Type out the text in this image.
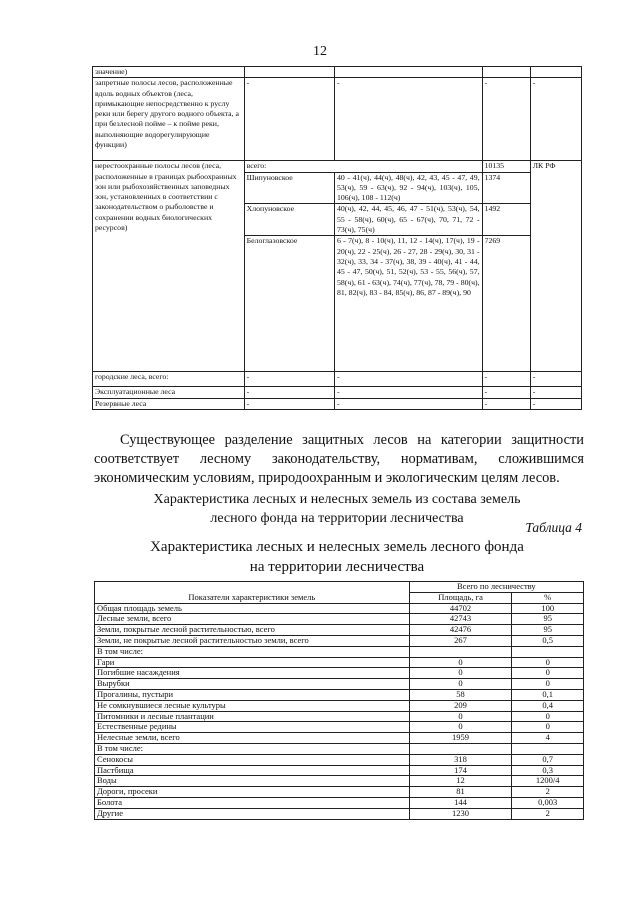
12
значение)				
запретные полосы лесов, расположенные вдоль водных объектов (леса, примыкающие непосредственно к руслу реки или берегу другого водного объекта, а при безлесной пойме – к пойме реки, выполняющие водорегулирующие функции)	-	-	-	-
нерестоохранные полосы лесов (леса, расположенные в границах рыбоохранных зон или рыбохозяйственных заповедных зон, установленных в соответствии с законодательством о рыболовстве и сохранении водных биологических ресурсов)	всего:		10135	ЛК РФ
	Шипуновское	40 - 41(ч), 44(ч), 48(ч), 42, 43, 45 - 47, 49, 53(ч), 59 - 63(ч), 92 - 94(ч), 103(ч), 105, 106(ч), 108 - 112(ч)	1374	
	Хлопуновское	40(ч), 42, 44, 45, 46, 47 - 51(ч), 53(ч), 54, 55 - 58(ч), 60(ч), 65 - 67(ч), 70, 71, 72 - 73(ч), 75(ч)	1492	
	Белоглазовское	6 - 7(ч), 8 - 10(ч), 11, 12 - 14(ч), 17(ч), 19 - 20(ч), 22 - 25(ч), 26 - 27, 28 - 29(ч), 30, 31 - 32(ч), 33, 34 - 37(ч), 38, 39 - 40(ч), 41 - 44, 45 - 47, 50(ч), 51, 52(ч), 53 - 55, 56(ч), 57, 58(ч), 61 - 63(ч), 74(ч), 77(ч), 78, 79 - 80(ч), 81, 82(ч), 83 - 84, 85(ч), 86, 87 - 89(ч), 90	7269	
городские леса, всего:	-	-	-	-
Эксплуатационные леса	-	-	-	-
Резервные леса	-	-	-	-

Существующее разделение защитных лесов на категории защитности соответствует лесному законодательству, нормативам, сложившимся экономическим условиям, природоохранным и экологическим целям лесов.

Характеристика лесных и нелесных земель из состава земель
лесного фонда на территории лесничества
Таблица 4
Характеристика лесных и нелесных земель лесного фонда
на территории лесничества
Показатели характеристики земель	Всего по лесничеству	
	Площадь, га	%
Общая площадь земель	44702	100
Лесные земли, всего	42743	95
Земли, покрытые лесной растительностью, всего	42476	95
Земли, не покрытые лесной растительностью земли, всего	267	0,5
В том числе:		
Гари	0	0
Погибшие насаждения	0	0
Вырубки	0	0
Прогалины, пустыри	58	0,1
Не сомкнувшиеся лесные культуры	209	0,4
Питомники и лесные плантации	0	0
Естественные редины	0	0
Нелесные земли, всего	1959	4
В том числе:		
Сенокосы	318	0,7
Пастбища	174	0,3
Воды	12	1200/4
Дороги, просеки	81	2
Болота	144	0,003
Другие	1230	2
